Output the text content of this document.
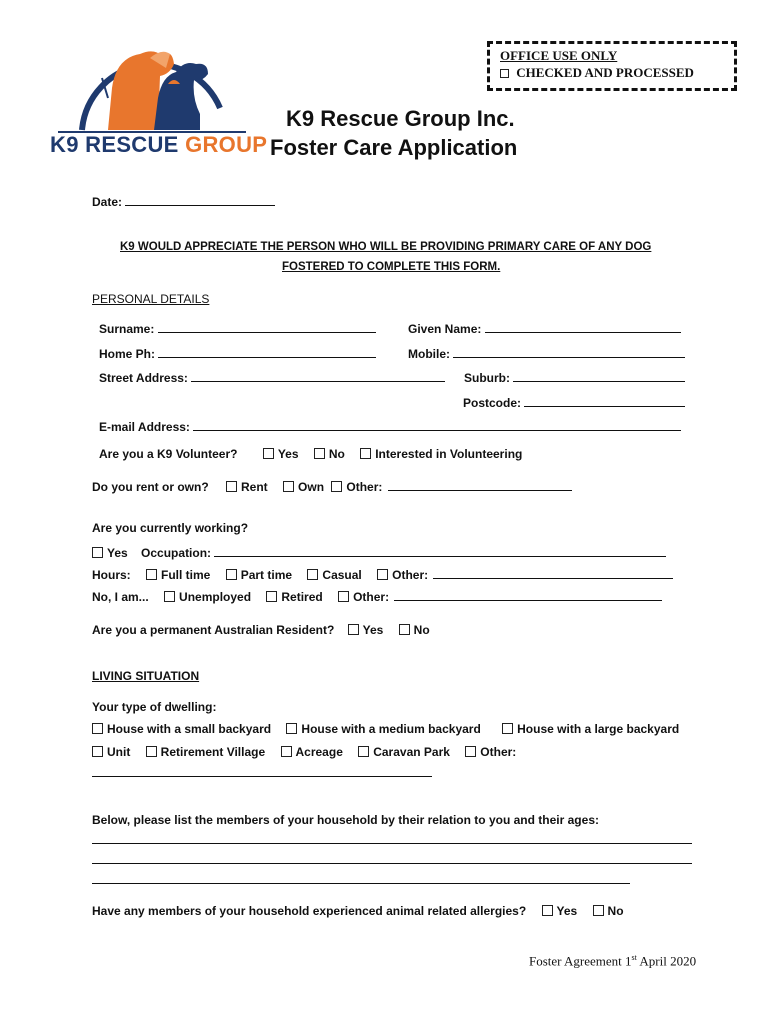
K9 RESCUE GROUP
OFFICE USE ONLY
CHECKED AND PROCESSED
K9 Rescue Group Inc.
Foster Care Application
Date:
K9 WOULD APPRECIATE THE PERSON WHO WILL BE PROVIDING PRIMARY CARE OF ANY DOG
FOSTERED TO COMPLETE THIS FORM.
PERSONAL DETAILS
Surname:	Given Name:
Home Ph:	Mobile:
Street Address:	Suburb:
Postcode:
E-mail Address:
Are you a K9 Volunteer?	Yes	No	Interested in Volunteering
Do you rent or own?	Rent	Own Other:
Are you currently working?
Yes Occupation:
Hours:	Full time	Part time	Casual	Other:
No, I am...	Unemployed	Retired	Other:
Are you a permanent Australian Resident? Yes	No
LIVING SITUATION
Your type of dwelling:
House with a small backyard	House with a medium backyard	House with a large backyard
Unit	Retirement Village	Acreage	Caravan Park	Other:
Below, please list the members of your household by their relation to you and their ages:
Have any members of your household experienced animal related allergies?	Yes	No
Foster Agreement 1st April 2020
